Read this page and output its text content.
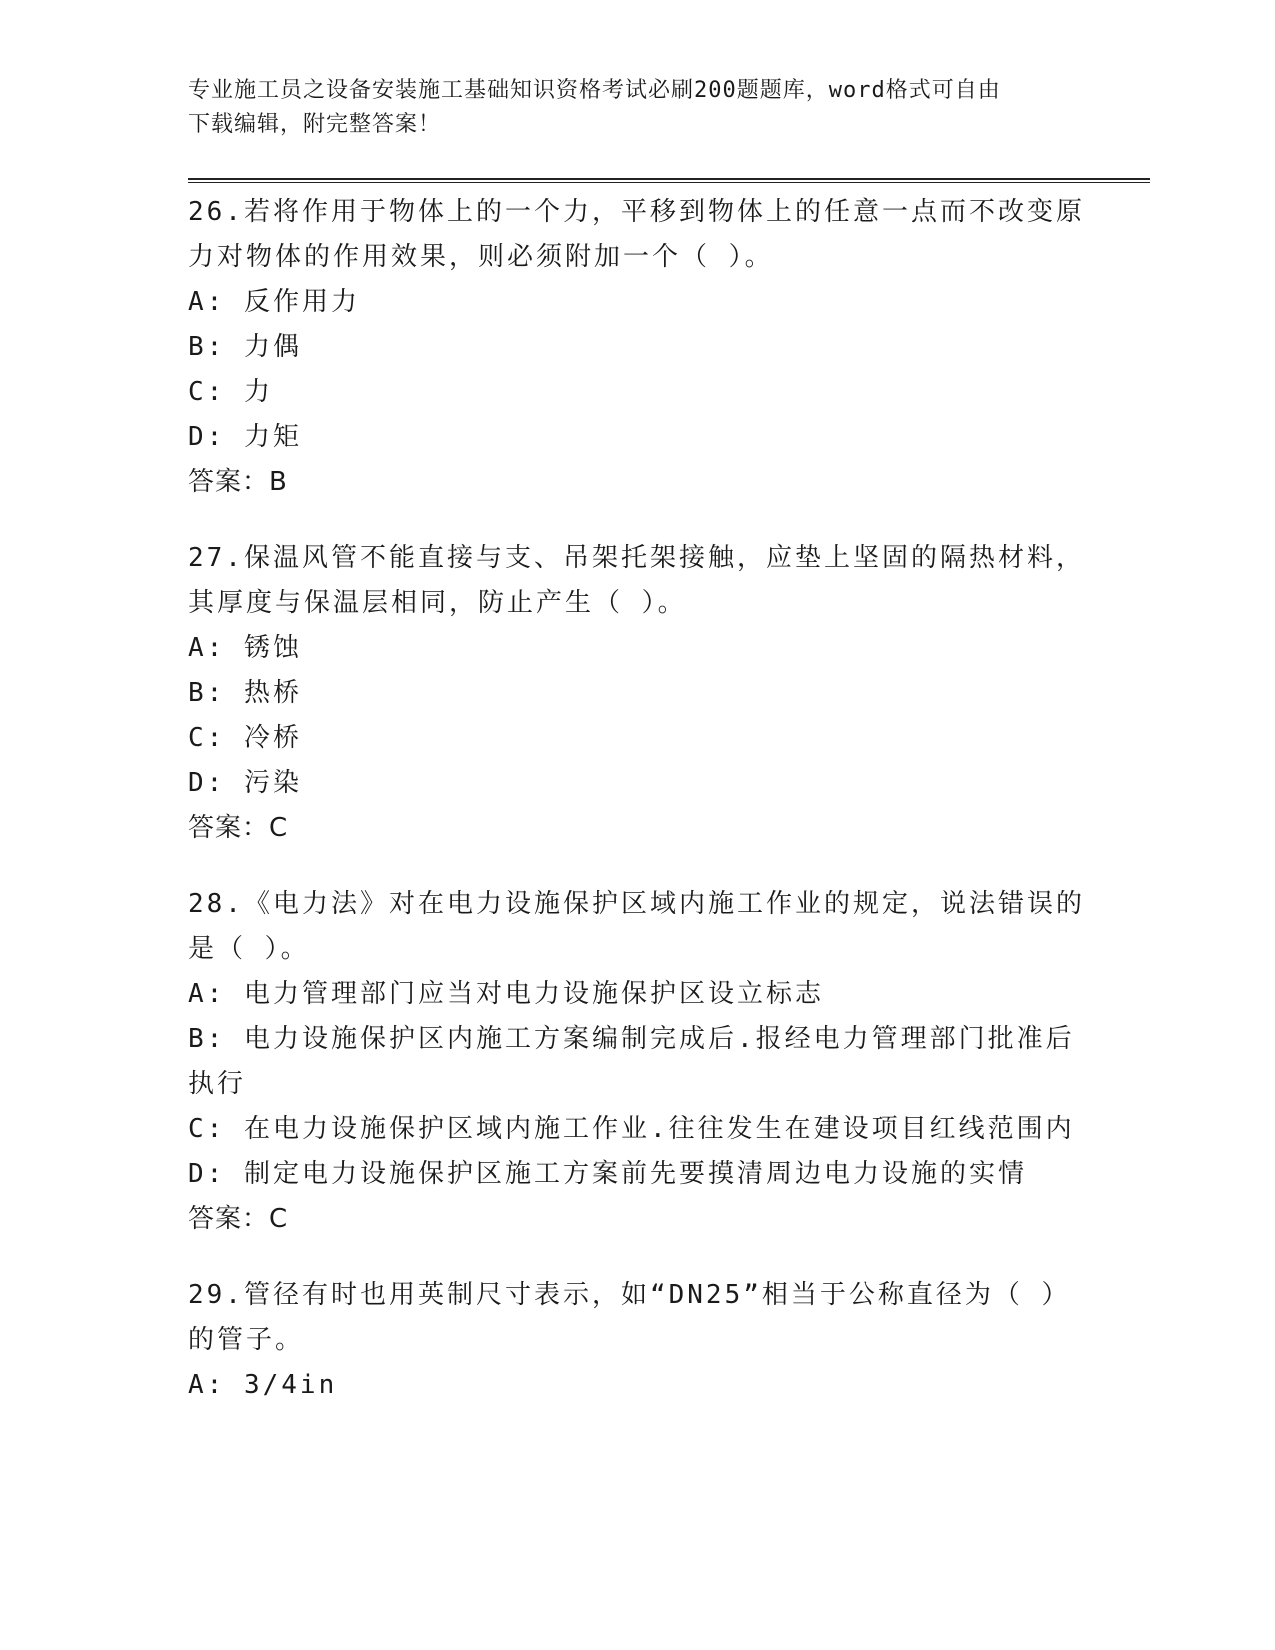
专业施工员之设备安装施工基础知识资格考试必刷200题题库，word格式可自由
下载编辑，附完整答案！

26.若将作用于物体上的一个力，平移到物体上的任意一点而不改变原

力对物体的作用效果，则必须附加一个（ ）。

A: 反作用力

B: 力偶

C: 力

D: 力矩

答案：B

27.保温风管不能直接与支、吊架托架接触，应垫上坚固的隔热材料，

其厚度与保温层相同，防止产生（ ）。

A: 锈蚀

B: 热桥

C: 冷桥

D: 污染

答案：C

28.《电力法》对在电力设施保护区域内施工作业的规定，说法错误的

是（ ）。

A: 电力管理部门应当对电力设施保护区设立标志

B: 电力设施保护区内施工方案编制完成后.报经电力管理部门批准后

执行

C: 在电力设施保护区域内施工作业.往往发生在建设项目红线范围内

D: 制定电力设施保护区施工方案前先要摸清周边电力设施的实情

答案：C

29.管径有时也用英制尺寸表示，如“DN25”相当于公称直径为（ ）

的管子。

A: 3/4in
